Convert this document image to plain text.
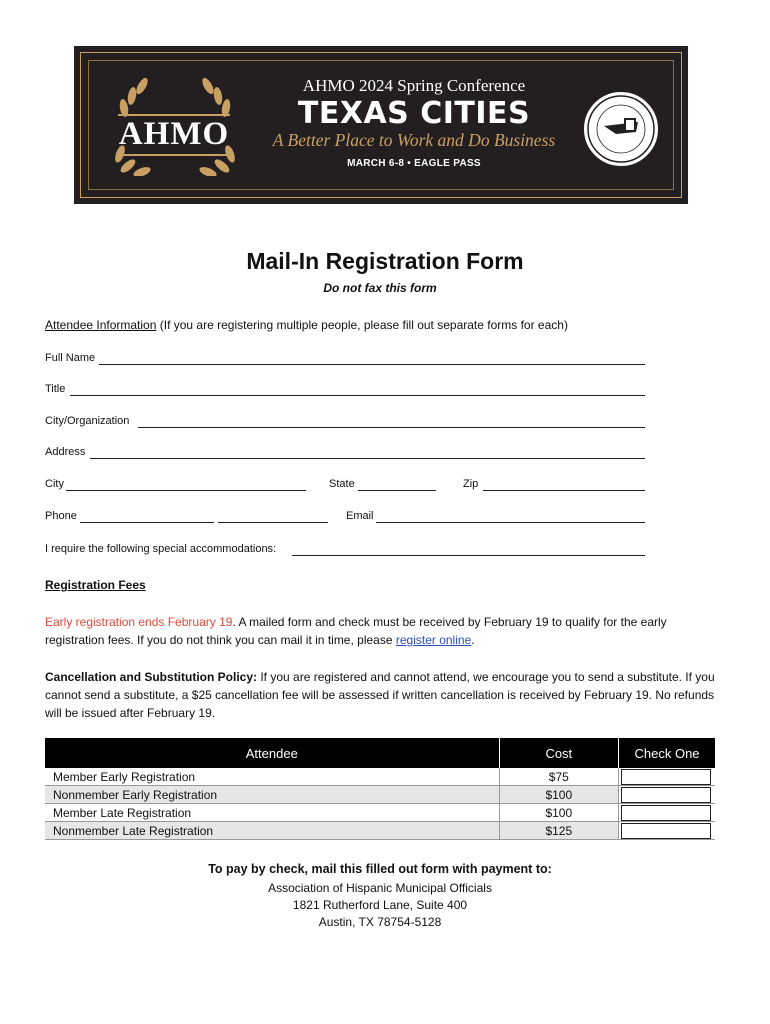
AHMO
AHMO 2024 Spring Conference
TEXAS CITIES
A Better Place to Work and Do Business
MARCH 6-8 • EAGLE PASS
Mail-In Registration Form
Do not fax this form
Attendee Information (If you are registering multiple people, please fill out separate forms for each)
Full Name
Title
City/Organization
Address
City	State	Zip
Phone	Email
I require the following special accommodations:
Registration Fees
Early registration ends February 19. A mailed form and check must be received by February 19 to qualify for the early registration fees. If you do not think you can mail it in time, please register online.
Cancellation and Substitution Policy: If you are registered and cannot attend, we encourage you to send a substitute. If you cannot send a substitute, a $25 cancellation fee will be assessed if written cancellation is received by February 19. No refunds will be issued after February 19.
Attendee	Cost	Check One
Member Early Registration	$75	

Nonmember Early Registration	$100	

Member Late Registration	$100	

Nonmember Late Registration	$125	
To pay by check, mail this filled out form with payment to:
Association of Hispanic Municipal Officials
1821 Rutherford Lane, Suite 400
Austin, TX 78754-5128
